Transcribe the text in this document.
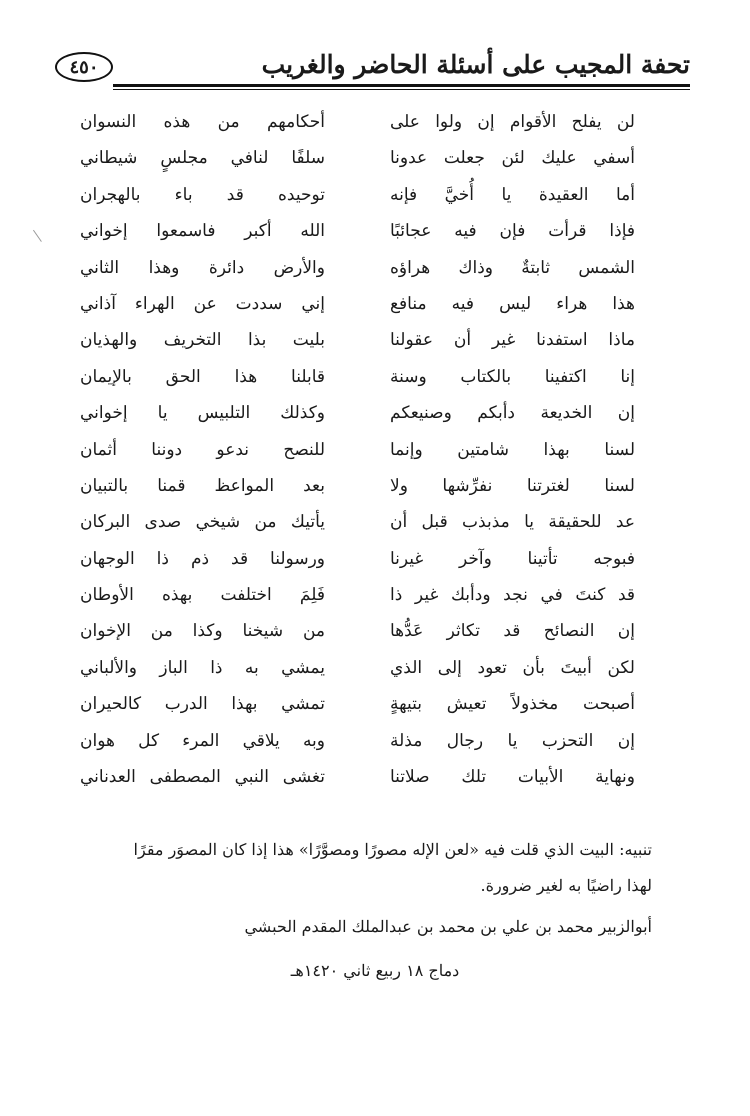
٤٥٠	تحفة المجيب على أسئلة الحاضر والغريب
لن يفلح الأقوام إن ولوا على
أحكامهم من هذه النسوان
أسفي عليك لئن جعلت عدونا
سلفًا لنافي مجلسٍ شيطاني
أما العقيدة يا أُخيَّ فإنه
توحيده قد باء بالهجران
فإذا قرأت فإن فيه عجائبًا
الله أكبر فاسمعوا إخواني
الشمس ثابتةٌ وذاك هراؤه
والأرض دائرة وهذا الثاني
هذا هراء ليس فيه منافع
إني سددت عن الهراء آذاني
ماذا استفدنا غير أن عقولنا
بليت بذا التخريف والهذيان
إنا اكتفينا بالكتاب وسنة
قابلنا هذا الحق بالإيمان
إن الخديعة دأبكم وصنيعكم
وكذلك التلبيس يا إخواني
لسنا بهذا شامتين وإنما
للنصح ندعو دوننا أثمان
لسنا لغترتنا نفرِّشها ولا
بعد المواعظ قمنا بالتبيان
عد للحقيقة يا مذبذب قبل أن
يأتيك من شيخي صدى البركان
فبوجه تأتينا وآخر غيرنا
ورسولنا قد ذم ذا الوجهان
قد كنتَ في نجد ودأبك غير ذا
فَلِمَ اختلفت بهذه الأوطان
إن النصائح قد تكاثر عَدُّها
من شيخنا وكذا من الإخوان
لكن أبيتَ بأن تعود إلى الذي
يمشي به ذا الباز والألباني
أصبحت مخذولاً تعيش بتيهةٍ
تمشي بهذا الدرب كالحيران
إن التحزب يا رجال مذلة
وبه يلاقي المرء كل هوان
ونهاية الأبيات تلك صلاتنا
تغشى النبي المصطفى العدناني
تنبيه: البيت الذي قلت فيه «لعن الإله مصورًا ومصوَّرًا» هذا إذا كان المصوَر مقرًا
لهذا راضيًا به لغير ضرورة.
أبوالزبير محمد بن علي بن محمد بن عبدالملك المقدم الحبشي
دماج ١٨ ربيع ثاني ١٤٢٠هـ
